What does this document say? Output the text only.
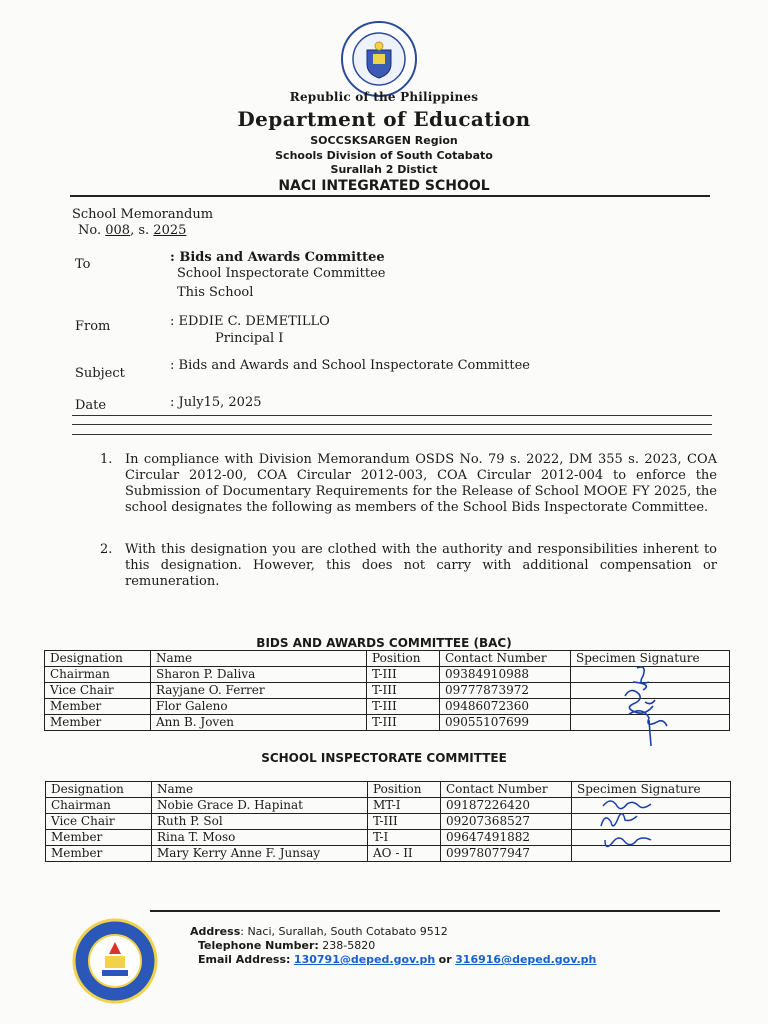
Republic of the Philippines
Department of Education
SOCCSKSARGEN Region
Schools Division of South Cotabato
Surallah 2 Distict
NACI INTEGRATED SCHOOL
School Memorandum
No. 008, s. 2025
To	: Bids and Awards Committee
School Inspectorate Committee
This School
From	: EDDIE C. DEMETILLO
Principal I
Subject
: Bids and Awards and School Inspectorate Committee
Date	: July15, 2025
1. In compliance with Division Memorandum OSDS No. 79 s. 2022, DM 355 s. 2023, COA Circular 2012-00, COA Circular 2012-003, COA Circular 2012-004 to enforce the Submission of Documentary Requirements for the Release of School MOOE FY 2025, the school designates the following as members of the School Bids Inspectorate Committee.
2. With this designation you are clothed with the authority and responsibilities inherent to this designation. However, this does not carry with additional compensation or remuneration.
BIDS AND AWARDS COMMITTEE (BAC)
Designation	Name	Position	Contact Number	Specimen Signature
Chairman	Sharon P. Daliva	T-III	09384910988	
Vice Chair	Rayjane O. Ferrer	T-III	09777873972	
Member	Flor Galeno	T-III	09486072360	
Member	Ann B. Joven	T-III	09055107699	
SCHOOL INSPECTORATE COMMITTEE
Designation	Name	Position	Contact Number	Specimen Signature
Chairman	Nobie Grace D. Hapinat	MT-I	09187226420	
Vice Chair	Ruth P. Sol	T-III	09207368527	
Member	Rina T. Moso	T-I	09647491882	
Member	Mary Kerry Anne F. Junsay	AO - II	09978077947	
Address: Naci, Surallah, South Cotabato 9512
Telephone Number: 238-5820
Email Address: 130791@deped.gov.ph or 316916@deped.gov.ph
